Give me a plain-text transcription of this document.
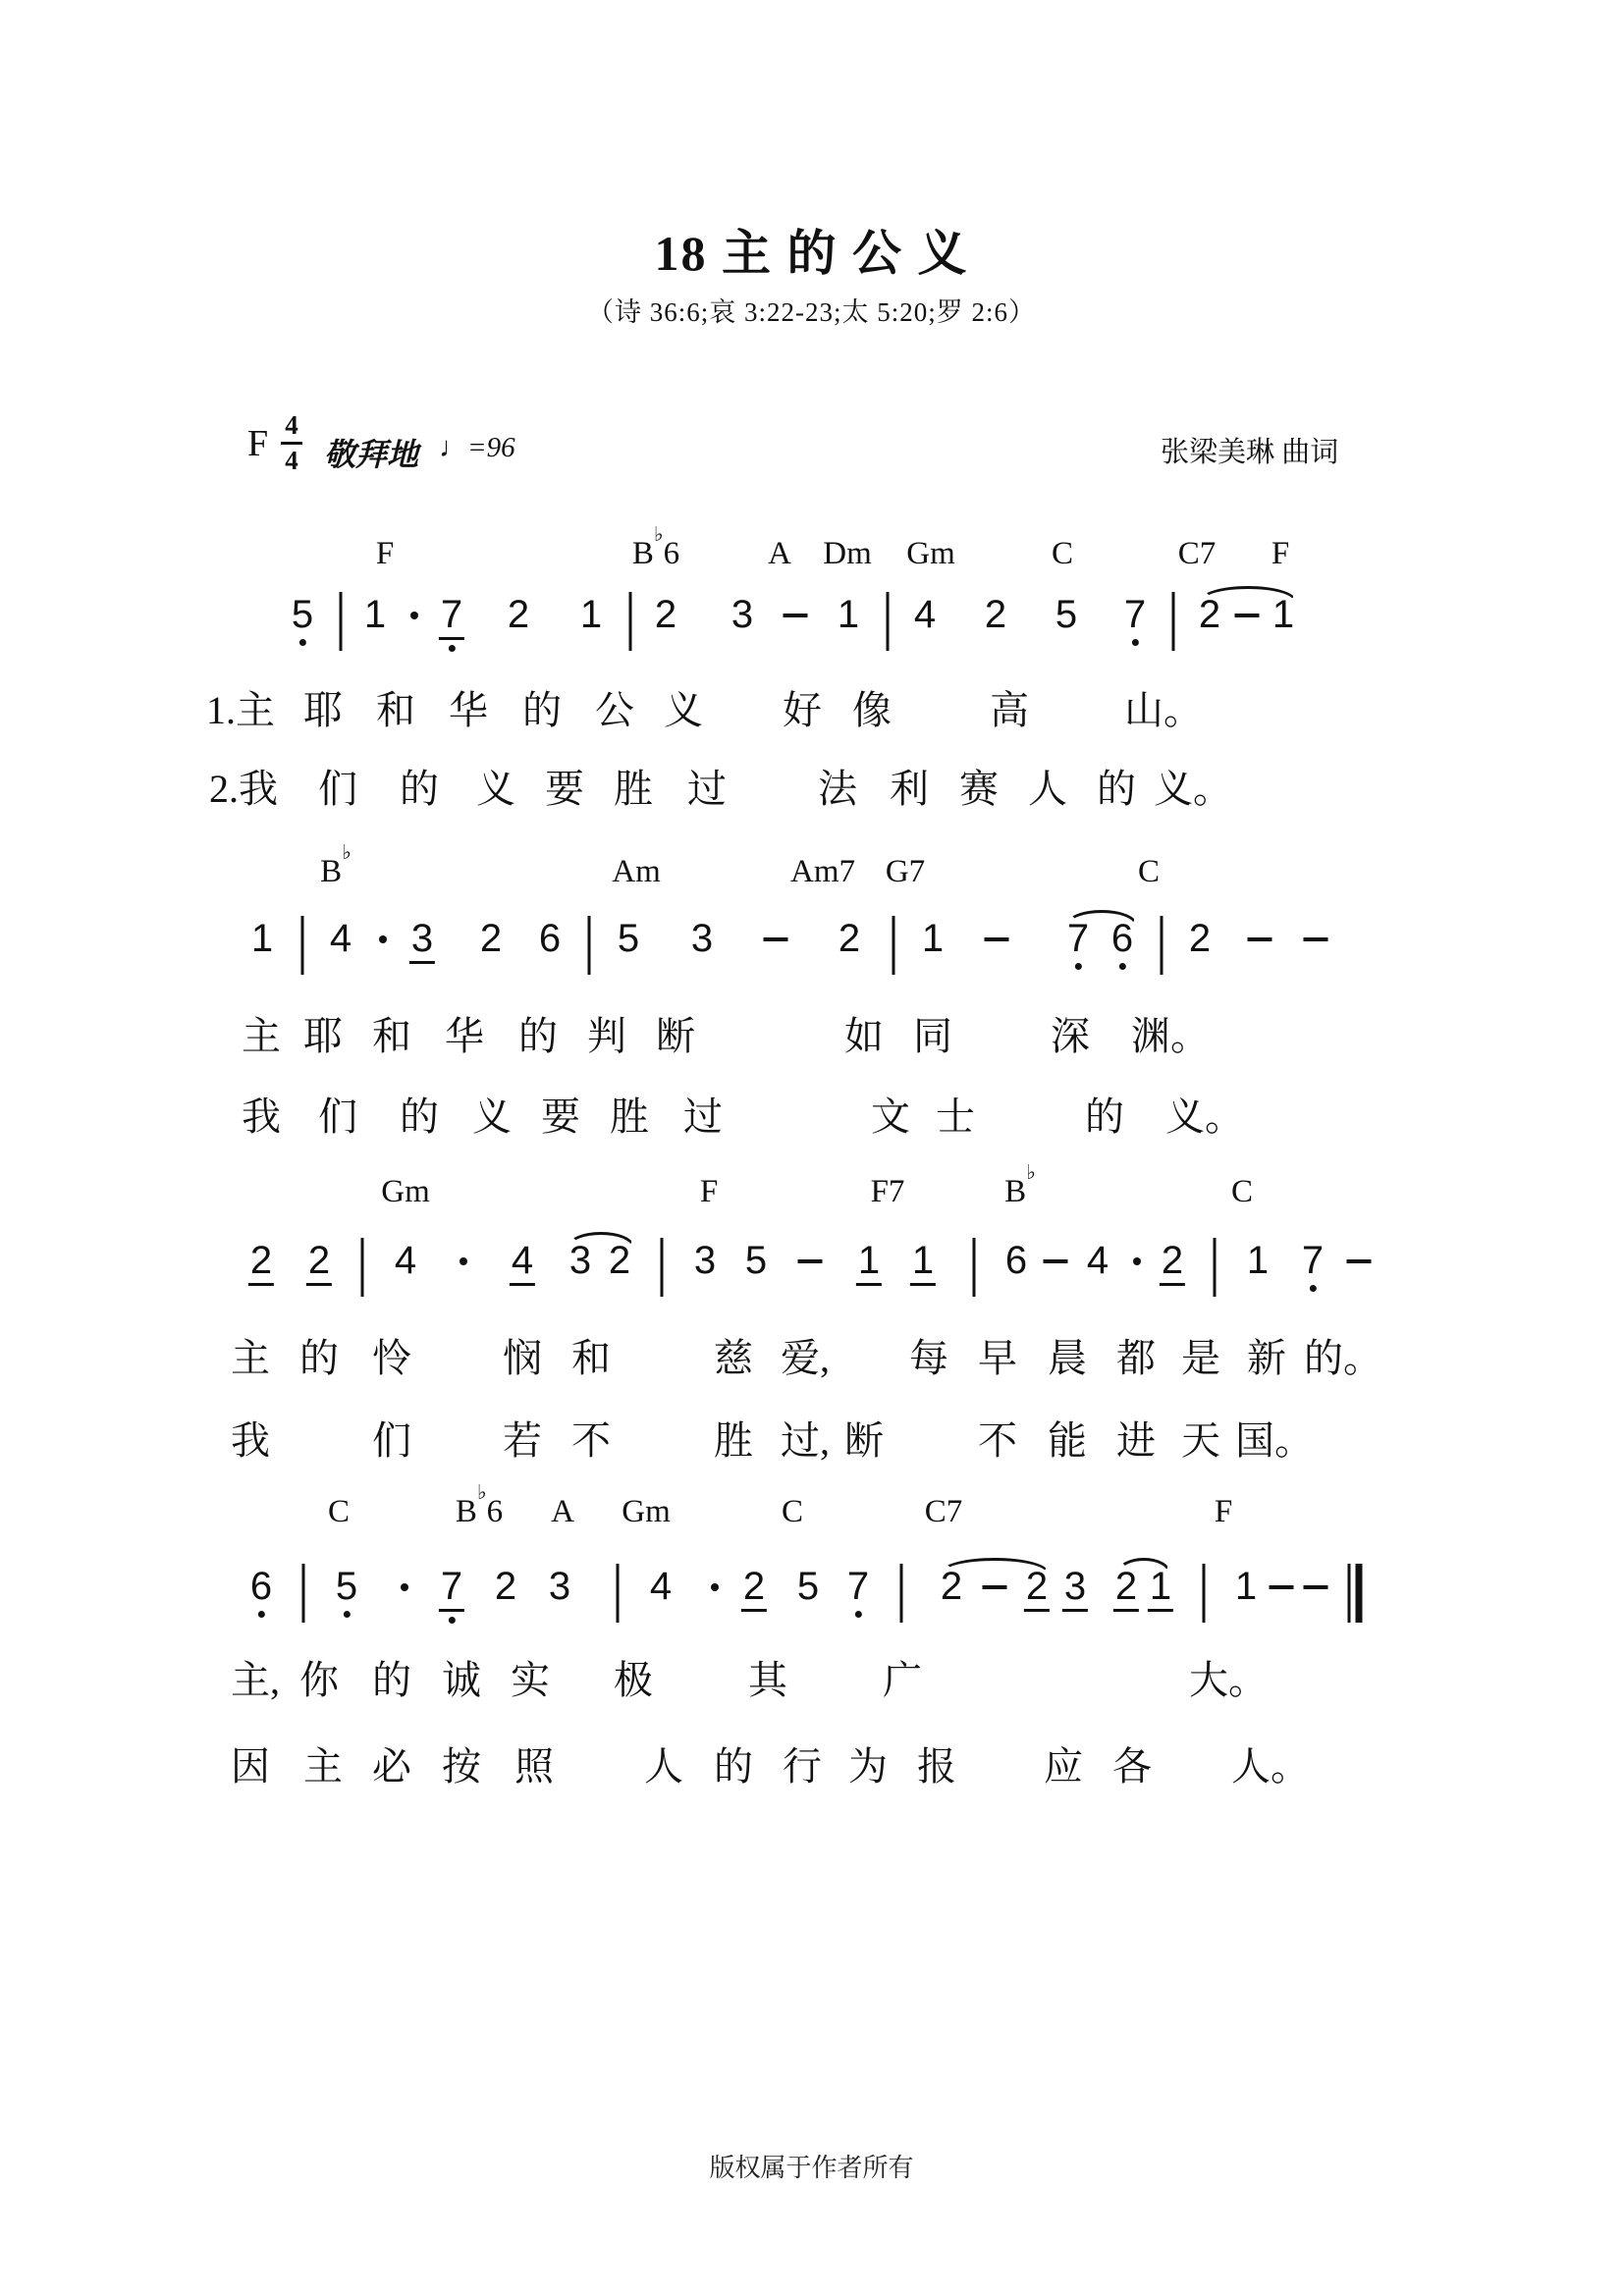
18 主 的 公 义
（诗 36:6;哀 3:22-23;太 5:20;罗 2:6）
F 4
4 敬拜地 ♩=96	张梁美琳 曲词
F	B♭6	A Dm Gm	C	C7 F
5 1 7 2 1 2 3 1 4 2 5 7 2 1
1.主 耶 和 华 的 公 义 好 像	高 山。
2.我 们 的 义 要 胜 过 法 利 赛 人 的 义。
B♭
Am	Am7 G7	C
1 4 3 2 6 5 3	2 1	7 6 2
主 耶 和 华 的 判 断	如 同	深 渊。
我 们 的 义 要 胜 过	文 士	的 义。
Gm	F	F7	B♭
C
2 2 4 4 3 2 3 5 1 1 6 4 2 1 7
主 的 怜 悯 和	慈 爱, 每 早 晨 都 是 新 的。
我	们 若 不	胜 过, 断 不 能 进 天 国。
C	B♭6 A Gm	C	C7	F
6 5 7 2 3 4 2 5 7 2 2 3 2 1 1
主, 你 的 诚 实 极 其 广	大。
因 主 必 按 照 人 的 行 为 报 应 各 人。
版权属于作者所有
